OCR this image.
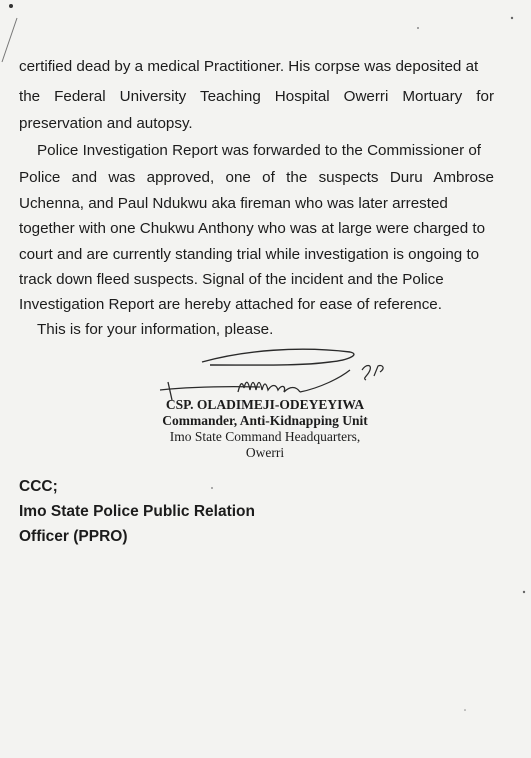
certified dead by a medical Practitioner. His corpse was deposited at
the Federal University Teaching Hospital Owerri Mortuary for
preservation and autopsy.
Police Investigation Report was forwarded to the Commissioner of
Police and was approved, one of the suspects Duru Ambrose
Uchenna, and Paul Ndukwu aka fireman who was later arrested
together with one Chukwu Anthony who was at large were charged to
court and are currently standing trial while investigation is ongoing to
track down fleed suspects. Signal of the incident and the Police
Investigation Report are hereby attached for ease of reference.
This is for your information, please.
CSP. OLADIMEJI-ODEYEYIWA
Commander, Anti-Kidnapping Unit
Imo State Command Headquarters,
Owerri
CCC;
Imo State Police Public Relation
Officer (PPRO)
